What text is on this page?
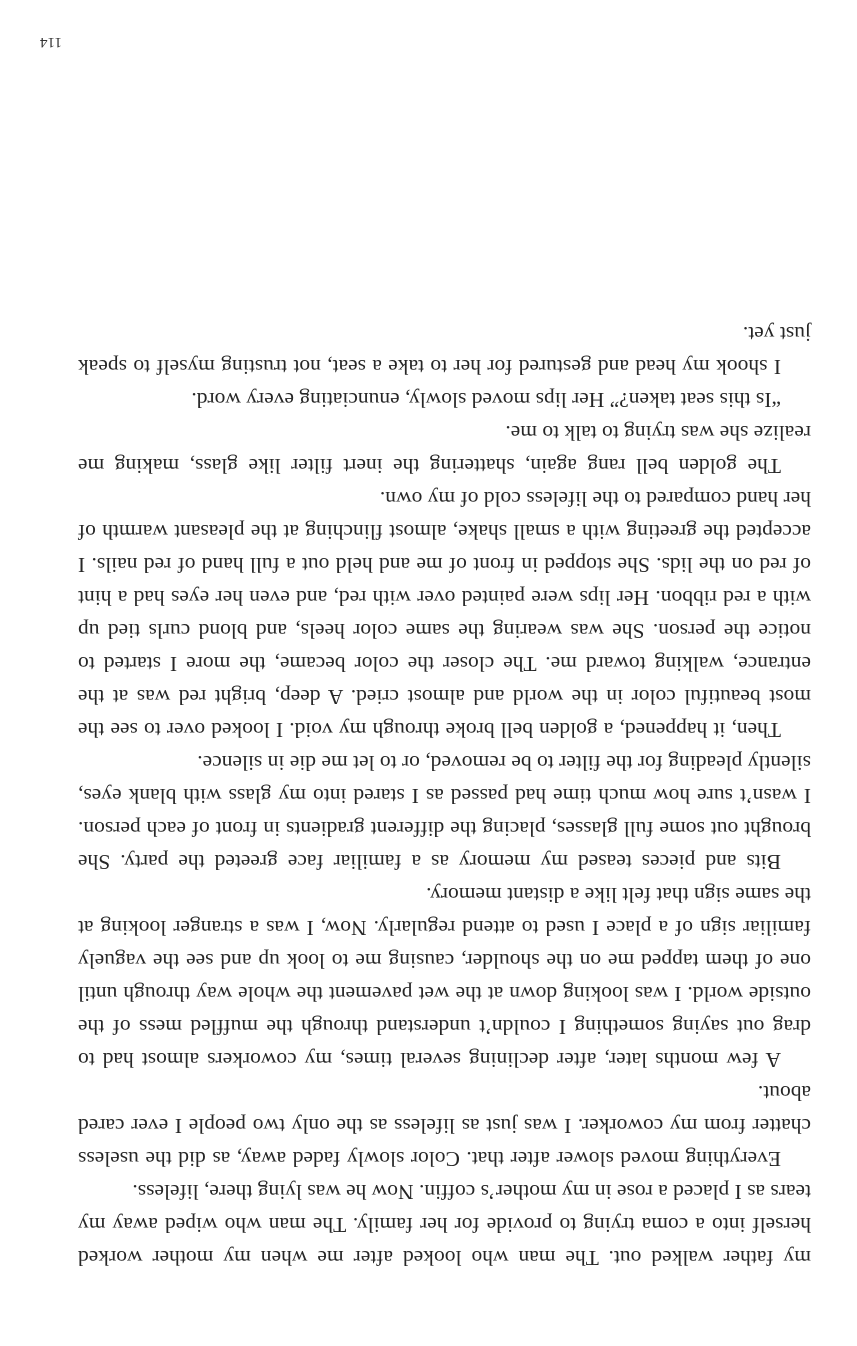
my father walked out. The man who looked after me when my mother worked herself into a coma trying to provide for her family. The man who wiped away my tears as I placed a rose in my mother’s coffin. Now he was lying there, lifeless.

Everything moved slower after that. Color slowly faded away, as did the useless chatter from my coworker. I was just as lifeless as the only two people I ever cared about.

A few months later, after declining several times, my coworkers almost had to drag out saying something I couldn’t understand through the muffled mess of the outside world. I was looking down at the wet pavement the whole way through until one of them tapped me on the shoulder, causing me to look up and see the vaguely familiar sign of a place I used to attend regularly. Now, I was a stranger looking at the same sign that felt like a distant memory.

Bits and pieces teased my memory as a familiar face greeted the party. She brought out some full glasses, placing the different gradients in front of each person. I wasn’t sure how much time had passed as I stared into my glass with blank eyes, silently pleading for the filter to be removed, or to let me die in silence.

Then, it happened, a golden bell broke through my void. I looked over to see the most beautiful color in the world and almost cried. A deep, bright red was at the entrance, walking toward me. The closer the color became, the more I started to notice the person. She was wearing the same color heels, and blond curls tied up with a red ribbon. Her lips were painted over with red, and even her eyes had a hint of red on the lids. She stopped in front of me and held out a full hand of red nails. I accepted the greeting with a small shake, almost flinching at the pleasant warmth of her hand compared to the lifeless cold of my own.

The golden bell rang again, shattering the inert filter like glass, making me realize she was trying to talk to me.

“Is this seat taken?” Her lips moved slowly, enunciating every word.

I shook my head and gestured for her to take a seat, not trusting myself to speak just yet.

114
